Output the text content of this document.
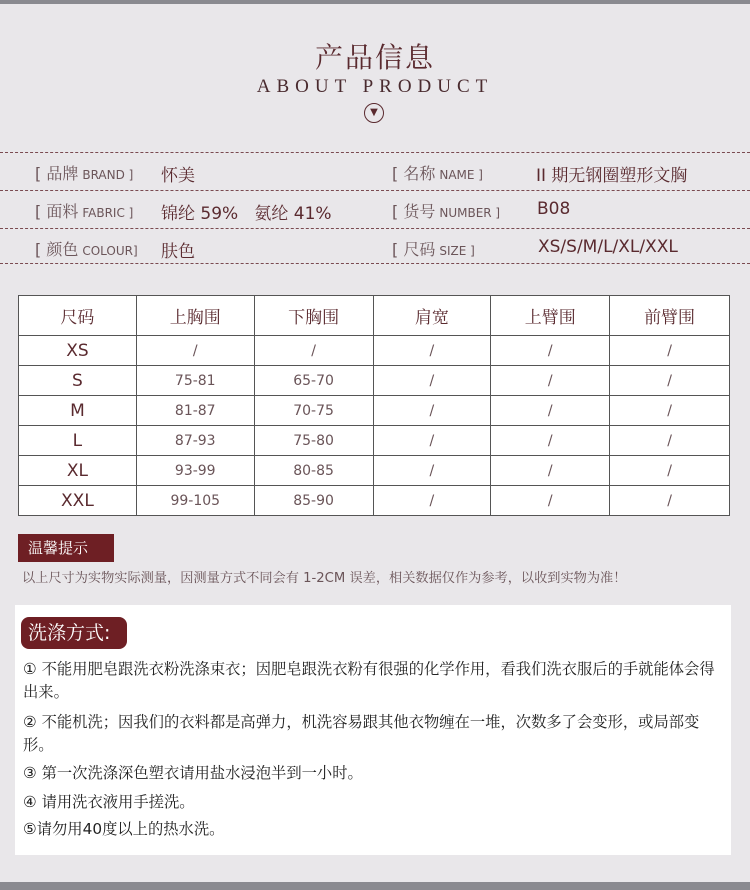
产品信息
ABOUT PRODUCT
▼
[ 品牌 BRAND ] 怀美	[ 名称 NAME ]	II 期无钢圈塑形文胸
[ 面料 FABRIC ] 锦纶 59%   氨纶 41%	[ 货号 NUMBER ] B08
[ 颜色 COLOUR] 肤色	[ 尺码 SIZE ]	XS/S/M/L/XL/XXL
尺码	上胸围	下胸围	肩宽	上臂围	前臂围
XS	/	/	/	/	/
S	75-81	65-70	/	/	/
M	81-87	70-75	/	/	/
L	87-93	75-80	/	/	/
XL	93-99	80-85	/	/	/
XXL	99-105	85-90	/	/	/
温馨提示
以上尺寸为实物实际测量，因测量方式不同会有 1-2CM 误差，相关数据仅作为参考，以收到实物为准！
洗涤方式:
① 不能用肥皂跟洗衣粉洗涤束衣；因肥皂跟洗衣粉有很强的化学作用，看我们洗衣服后的手就能体会得出来。
② 不能机洗；因我们的衣料都是高弹力，机洗容易跟其他衣物缠在一堆，次数多了会变形，或局部变形。
③ 第一次洗涤深色塑衣请用盐水浸泡半到一小时。
④ 请用洗衣液用手搓洗。
⑤请勿用40度以上的热水洗。
